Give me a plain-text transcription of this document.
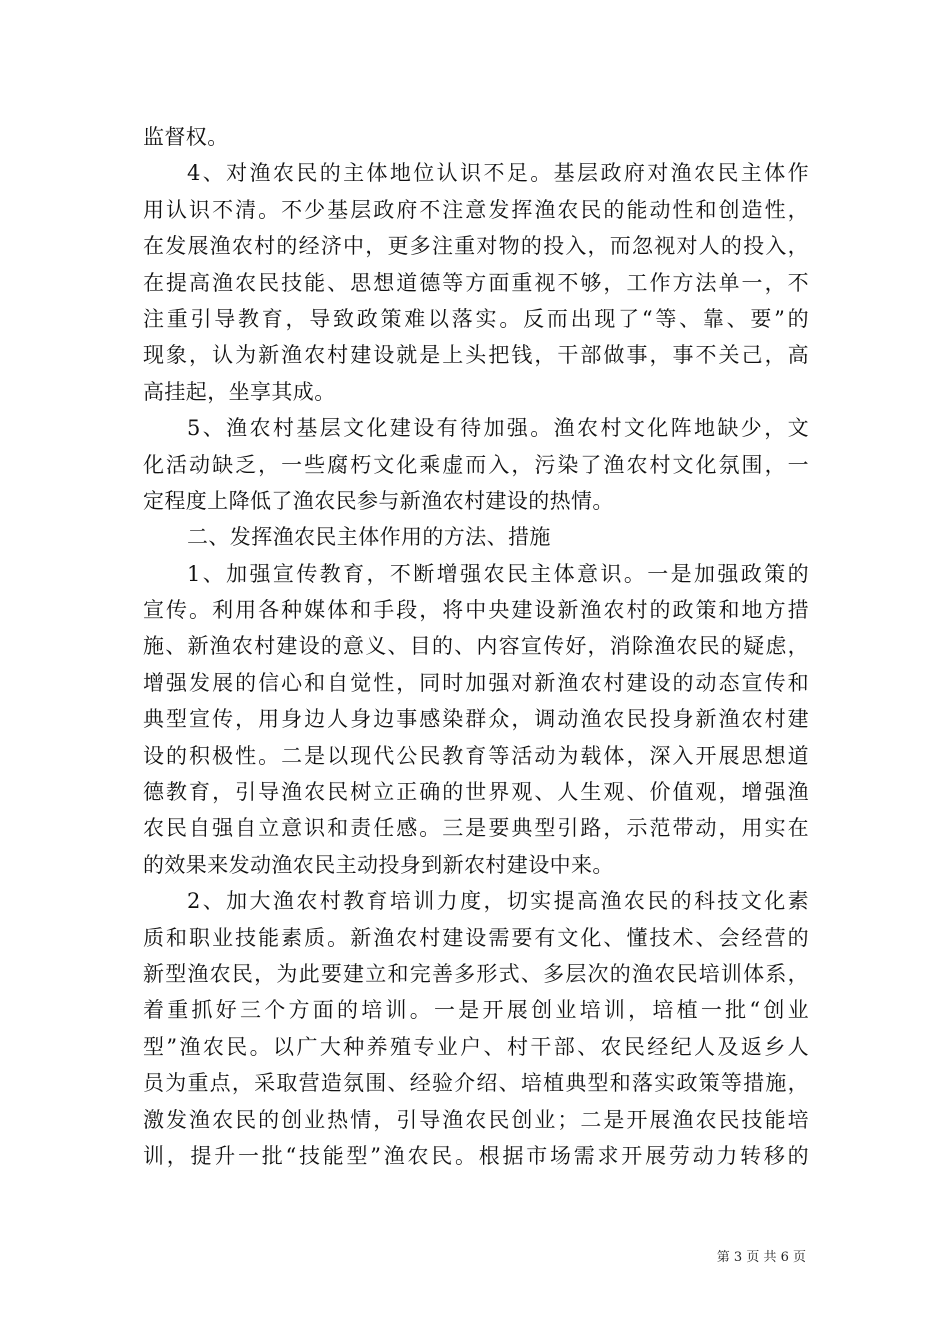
监督权。
4、对渔农民的主体地位认识不足。基层政府对渔农民主体作
用认识不清。不少基层政府不注意发挥渔农民的能动性和创造性，
在发展渔农村的经济中，更多注重对物的投入，而忽视对人的投入，
在提高渔农民技能、思想道德等方面重视不够，工作方法单一，不
注重引导教育，导致政策难以落实。反而出现了“等、靠、要”的
现象，认为新渔农村建设就是上头把钱，干部做事，事不关己，高
高挂起，坐享其成。
5、渔农村基层文化建设有待加强。渔农村文化阵地缺少，文
化活动缺乏，一些腐朽文化乘虚而入，污染了渔农村文化氛围，一
定程度上降低了渔农民参与新渔农村建设的热情。
二、发挥渔农民主体作用的方法、措施
1、加强宣传教育，不断增强农民主体意识。一是加强政策的
宣传。利用各种媒体和手段，将中央建设新渔农村的政策和地方措
施、新渔农村建设的意义、目的、内容宣传好，消除渔农民的疑虑，
增强发展的信心和自觉性，同时加强对新渔农村建设的动态宣传和
典型宣传，用身边人身边事感染群众，调动渔农民投身新渔农村建
设的积极性。二是以现代公民教育等活动为载体，深入开展思想道
德教育，引导渔农民树立正确的世界观、人生观、价值观，增强渔
农民自强自立意识和责任感。三是要典型引路，示范带动，用实在
的效果来发动渔农民主动投身到新农村建设中来。
2、加大渔农村教育培训力度，切实提高渔农民的科技文化素
质和职业技能素质。新渔农村建设需要有文化、懂技术、会经营的
新型渔农民，为此要建立和完善多形式、多层次的渔农民培训体系，
着重抓好三个方面的培训。一是开展创业培训，培植一批“创业
型”渔农民。以广大种养殖专业户、村干部、农民经纪人及返乡人
员为重点，采取营造氛围、经验介绍、培植典型和落实政策等措施，
激发渔农民的创业热情，引导渔农民创业；二是开展渔农民技能培
训，提升一批“技能型”渔农民。根据市场需求开展劳动力转移的
第 3 页 共 6 页
